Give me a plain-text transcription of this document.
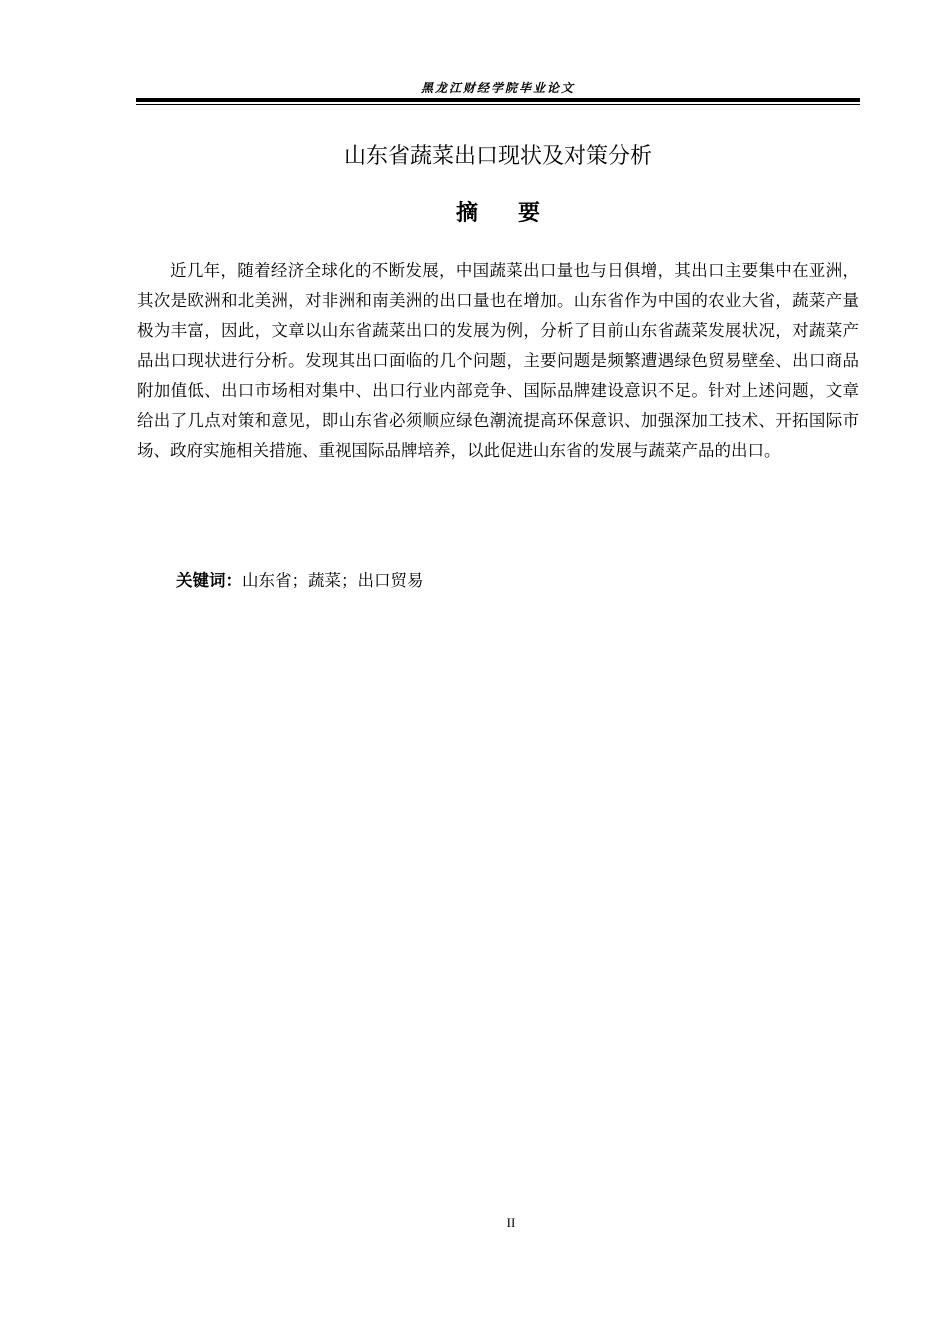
黑龙江财经学院毕业论文
山东省蔬菜出口现状及对策分析
摘要

近几年，随着经济全球化的不断发展，中国蔬菜出口量也与日俱增，其出口主要集中在亚洲，其次是欧洲和北美洲，对非洲和南美洲的出口量也在增加。山东省作为中国的农业大省，蔬菜产量极为丰富，因此，文章以山东省蔬菜出口的发展为例，分析了目前山东省蔬菜发展状况，对蔬菜产品出口现状进行分析。发现其出口面临的几个问题，主要问题是频繁遭遇绿色贸易壁垒、出口商品附加值低、出口市场相对集中、出口行业内部竞争、国际品牌建设意识不足。针对上述问题，文章给出了几点对策和意见，即山东省必须顺应绿色潮流提高环保意识、加强深加工技术、开拓国际市场、政府实施相关措施、重视国际品牌培养，以此促进山东省的发展与蔬菜产品的出口。

关键词：山东省；蔬菜；出口贸易
II
